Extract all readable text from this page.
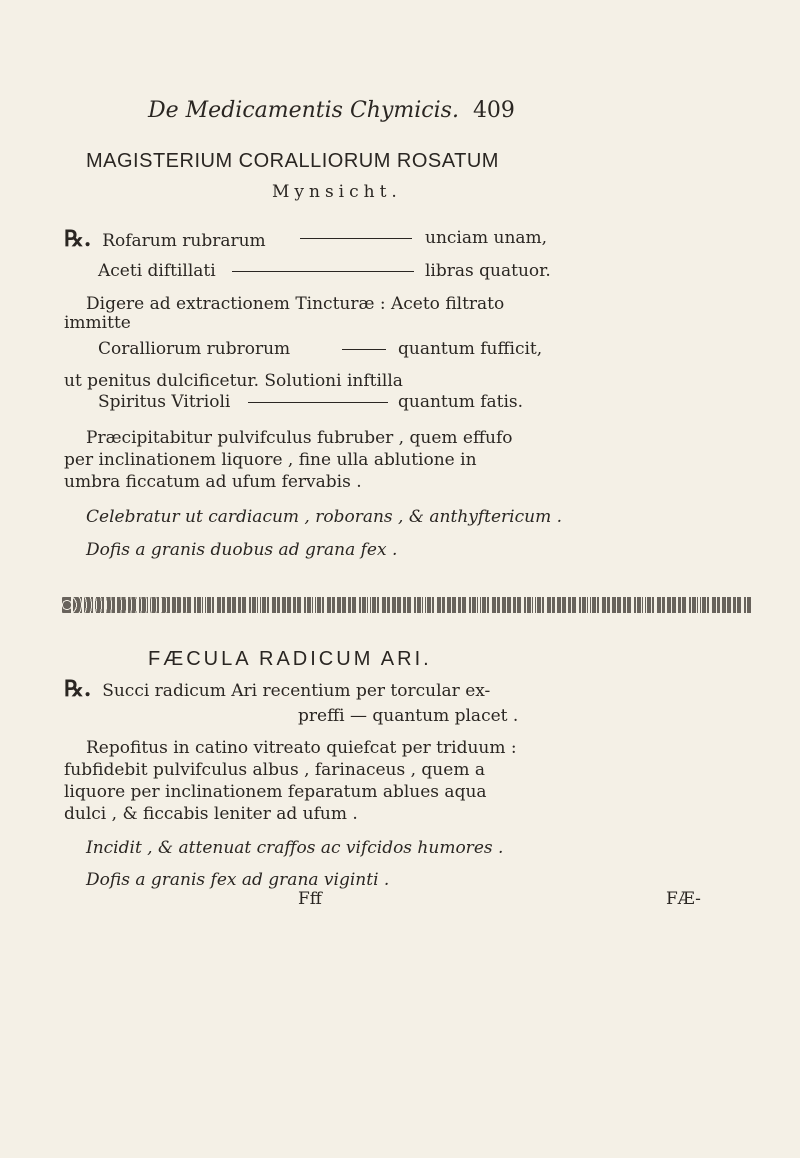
De Medicamentis Chymicis. 409
MAGISTERIUM CORALLIORUM ROSATUM
Mynsicht.
℞. Rofarum rubrarum	unciam unam,
Aceti diftillati	libras quatuor.
Digere ad extractionem Tincturæ : Aceto filtrato
immitte
Coralliorum rubrorum	quantum fufficit,
ut penitus dulcificetur. Solutioni inftilla
Spiritus Vitrioli	quantum fatis.
Præcipitabitur pulvifculus fubruber , quem effufo
per inclinationem liquore , fine ulla ablutione in
umbra ficcatum ad ufum fervabis .
Celebratur ut cardiacum , roborans , & anthyftericum .
Dofis a granis duobus ad grana fex .
FÆCULA RADICUM ARI.
℞. Succi radicum Ari recentium per torcular ex-
preffi — quantum placet .
Repofitus in catino vitreato quiefcat per triduum :
fubfidebit pulvifculus albus , farinaceus , quem a
liquore per inclinationem feparatum ablues aqua
dulci , & ficcabis leniter ad ufum .
Incidit , & attenuat craffos ac vifcidos humores .
Dofis a granis fex ad grana viginti .
Fff	FÆ-
